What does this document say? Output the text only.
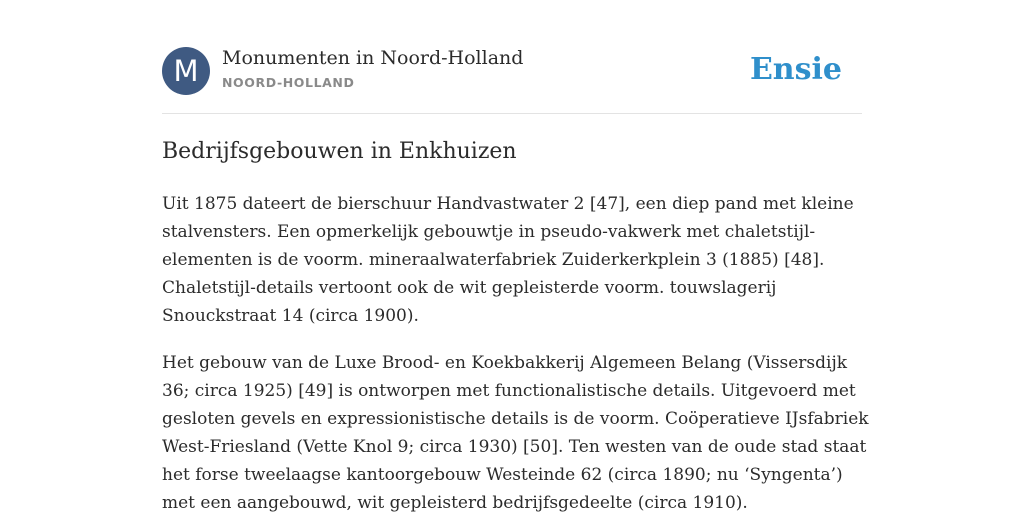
M	Monumenten in Noord-Holland
NOORD-HOLLAND	Ensie
Bedrijfsgebouwen in Enkhuizen

Uit 1875 dateert de bierschuur Handvastwater 2 [47], een diep pand met kleine
stalvensters. Een opmerkelijk gebouwtje in pseudo-vakwerk met chaletstijl-
elementen is de voorm. mineraalwaterfabriek Zuiderkerkplein 3 (1885) [48].
Chaletstijl-details vertoont ook de wit gepleisterde voorm. touwslagerij
Snouckstraat 14 (circa 1900).

Het gebouw van de Luxe Brood- en Koekbakkerij Algemeen Belang (Vissersdijk
36; circa 1925) [49] is ontworpen met functionalistische details. Uitgevoerd met
gesloten gevels en expressionistische details is de voorm. Coöperatieve IJsfabriek
West-Friesland (Vette Knol 9; circa 1930) [50]. Ten westen van de oude stad staat
het forse tweelaagse kantoorgebouw Westeinde 62 (circa 1890; nu ‘Syngenta’)
met een aangebouwd, wit gepleisterd bedrijfsgedeelte (circa 1910).
